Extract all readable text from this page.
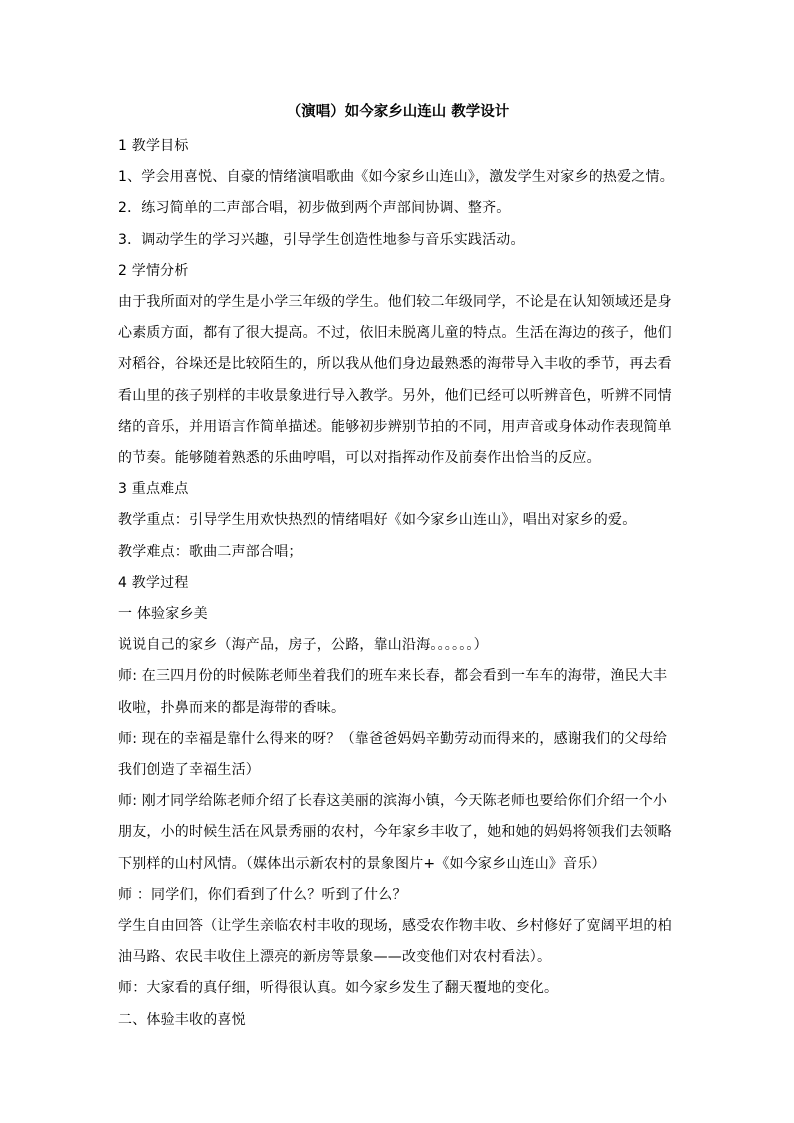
（演唱）如今家乡山连山 教学设计

1 教学目标

1、学会用喜悦、自豪的情绪演唱歌曲《如今家乡山连山》，激发学生对家乡的热爱之情。

2．练习简单的二声部合唱，初步做到两个声部间协调、整齐。

3．调动学生的学习兴趣，引导学生创造性地参与音乐实践活动。

2 学情分析

由于我所面对的学生是小学三年级的学生。他们较二年级同学，不论是在认知领域还是身心素质方面，都有了很大提高。不过，依旧未脱离儿童的特点。生活在海边的孩子，他们对稻谷，谷垛还是比较陌生的，所以我从他们身边最熟悉的海带导入丰收的季节，再去看看山里的孩子别样的丰收景象进行导入教学。另外，他们已经可以听辨音色，听辨不同情绪的音乐，并用语言作简单描述。能够初步辨别节拍的不同，用声音或身体动作表现简单的节奏。能够随着熟悉的乐曲哼唱，可以对指挥动作及前奏作出恰当的反应。

3 重点难点

教学重点：引导学生用欢快热烈的情绪唱好《如今家乡山连山》，唱出对家乡的爱。

教学难点：歌曲二声部合唱；

4 教学过程

一 体验家乡美

说说自己的家乡（海产品，房子，公路，靠山沿海。。。。。。）

师: 在三四月份的时候陈老师坐着我们的班车来长春，都会看到一车车的海带，渔民大丰收啦，扑鼻而来的都是海带的香味。

师: 现在的幸福是靠什么得来的呀？（靠爸爸妈妈辛勤劳动而得来的，感谢我们的父母给我们创造了幸福生活）

师: 刚才同学给陈老师介绍了长春这美丽的滨海小镇，今天陈老师也要给你们介绍一个小朋友，小的时候生活在风景秀丽的农村，今年家乡丰收了，她和她的妈妈将领我们去领略下别样的山村风情。（媒体出示新农村的景象图片+《如今家乡山连山》音乐）

师 ：同学们，你们看到了什么？听到了什么？

学生自由回答（让学生亲临农村丰收的现场，感受农作物丰收、乡村修好了宽阔平坦的柏油马路、农民丰收住上漂亮的新房等景象——改变他们对农村看法）。

师：大家看的真仔细，听得很认真。如今家乡发生了翻天覆地的变化。

二、体验丰收的喜悦
